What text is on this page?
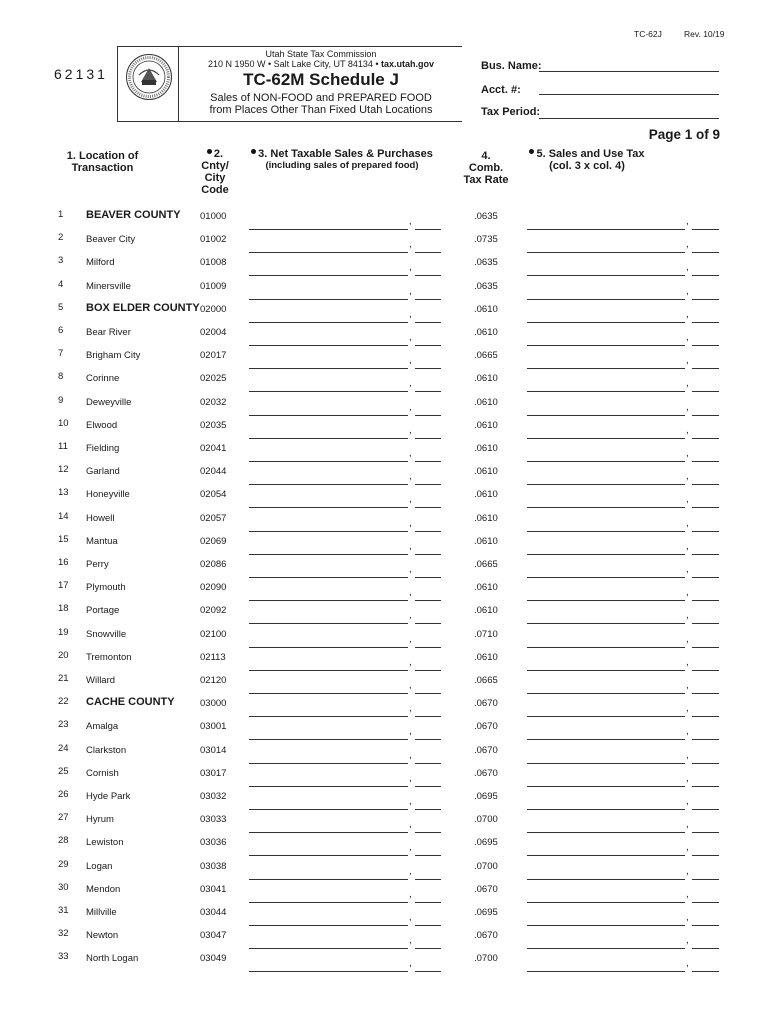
TC-62J	Rev. 10/19
62131
Utah State Tax Commission
210 N 1950 W • Salt Lake City, UT 84134 • tax.utah.gov
TC-62M Schedule J
Sales of NON-FOOD and PREPARED FOOD
from Places Other Than Fixed Utah Locations
Bus. Name:
Acct. #:
Tax Period:
Page 1 of 9
1. Location of
Transaction
2.
Cnty/
City
Code
3. Net Taxable Sales & Purchases
(including sales of prepared food)
4.
Comb.
Tax Rate
5. Sales and Use Tax
(col. 3 x col. 4)
1	BEAVER COUNTY 01000	,	.0635	,
2	Beaver City	01002	,	.0735	,
3	Milford	01008	,	.0635	,
4	Minersville	01009	,	.0635	,
5	BOX ELDER COUNTY 02000	,	.0610	,
6	Bear River	02004	,	.0610	,
7	Brigham City	02017	,	.0665	,
8	Corinne	02025	,	.0610	,
9	Deweyville	02032	,	.0610	,
10	Elwood	02035	,	.0610	,
11	Fielding	02041	,	.0610	,
12	Garland	02044	,	.0610	,
13	Honeyville	02054	,	.0610	,
14	Howell	02057	,	.0610	,
15	Mantua	02069	,	.0610	,
16	Perry	02086	,	.0665	,
17	Plymouth	02090	,	.0610	,
18	Portage	02092	,	.0610	,
19	Snowville	02100	,	.0710	,
20	Tremonton	02113	,	.0610	,
21	Willard	02120	,	.0665	,
22	CACHE COUNTY	03000	,	.0670	,
23	Amalga	03001	,	.0670	,
24	Clarkston	03014	,	.0670	,
25	Cornish	03017	,	.0670	,
26	Hyde Park	03032	,	.0695	,
27	Hyrum	03033	,	.0700	,
28	Lewiston	03036	,	.0695	,
29	Logan	03038	,	.0700	,
30	Mendon	03041	,	.0670	,
31	Millville	03044	,	.0695	,
32	Newton	03047	,	.0670	,
33	North Logan	03049	,	.0700	,
